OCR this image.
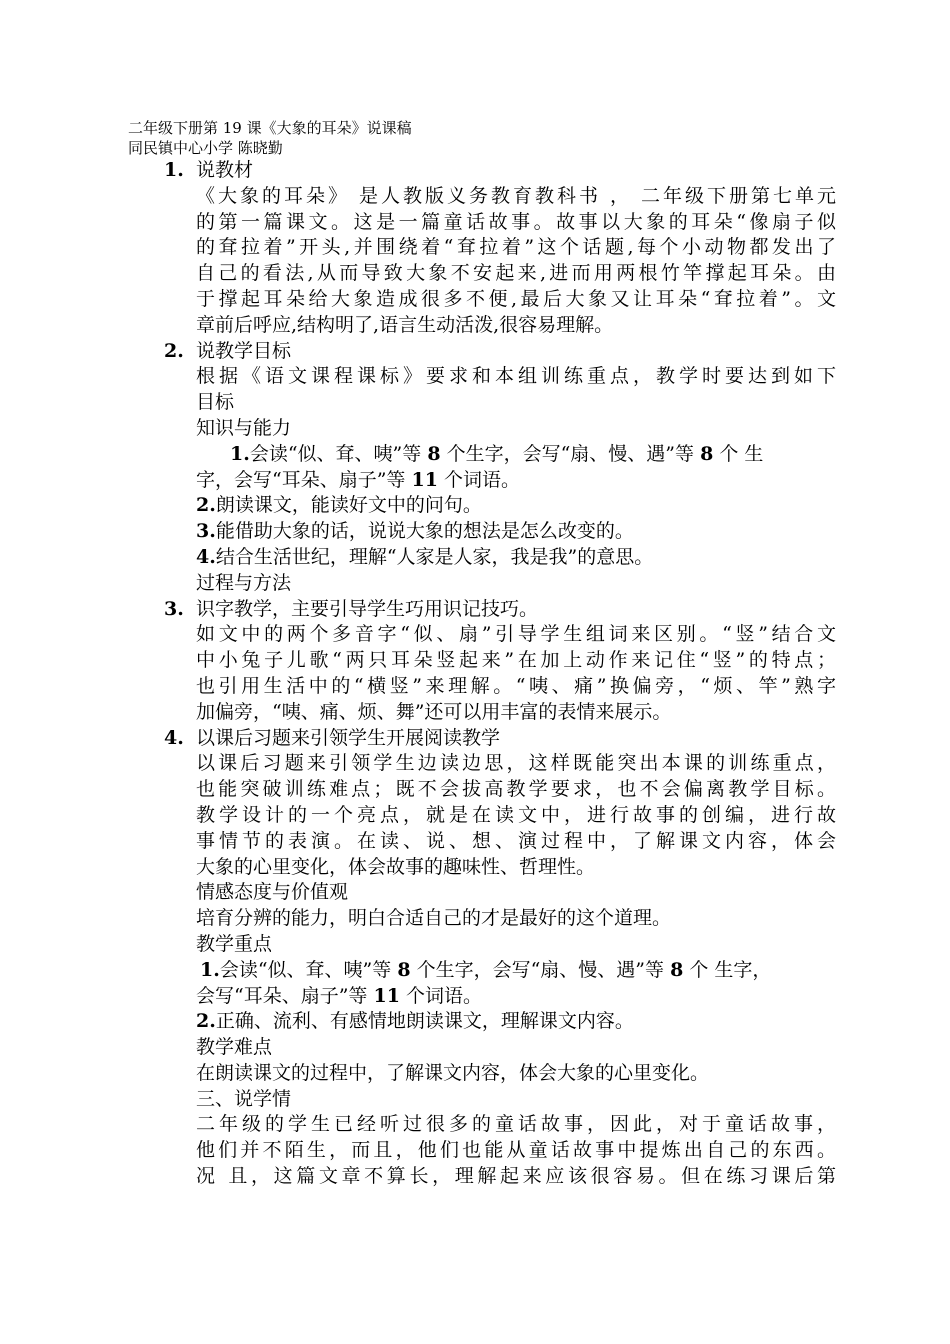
二年级下册第 19 课《大象的耳朵》说课稿
同民镇中心小学 陈晓勤
1. 说教材
《大象的耳朵》 是人教版义务教育教科书 ， 二年级下册第七单元
的第一篇课文。这是一篇童话故事。故事以大象的耳朵“像扇子似
的耷拉着”开头,并围绕着“耷拉着”这个话题,每个小动物都发出了
自己的看法,从而导致大象不安起来,进而用两根竹竿撑起耳朵。由
于撑起耳朵给大象造成很多不便,最后大象又让耳朵“耷拉着”。文
章前后呼应,结构明了,语言生动活泼,很容易理解。
2. 说教学目标
根据《语文课程课标》要求和本组训练重点，教学时要达到如下
目标
知识与能力
1.会读“似、耷、咦”等 8 个生字，会写“扇、慢、遇”等 8 个 生
字，会写“耳朵、扇子”等 11 个词语。
2.朗读课文，能读好文中的问句。
3.能借助大象的话，说说大象的想法是怎么改变的。
4.结合生活世纪，理解“人家是人家，我是我”的意思。
过程与方法
3. 识字教学，主要引导学生巧用识记技巧。
如文中的两个多音字“似、扇”引导学生组词来区别。“竖”结合文
中小兔子儿歌“两只耳朵竖起来”在加上动作来记住“竖”的特点；
也引用生活中的“横竖”来理解。“咦、痛”换偏旁，“烦、竿”熟字
加偏旁，“咦、痛、烦、舞”还可以用丰富的表情来展示。
4. 以课后习题来引领学生开展阅读教学
以课后习题来引领学生边读边思，这样既能突出本课的训练重点，
也能突破训练难点；既不会拔高教学要求，也不会偏离教学目标。
教学设计的一个亮点，就是在读文中，进行故事的创编，进行故
事情节的表演。在读、说、想、演过程中，了解课文内容，体会
大象的心里变化，体会故事的趣味性、哲理性。
情感态度与价值观
培育分辨的能力，明白合适自己的才是最好的这个道理。
教学重点
1.会读“似、耷、咦”等 8 个生字，会写“扇、慢、遇”等 8 个 生字，
会写“耳朵、扇子”等 11 个词语。
2.正确、流利、有感情地朗读课文，理解课文内容。
教学难点
在朗读课文的过程中，了解课文内容，体会大象的心里变化。
三、说学情
二年级的学生已经听过很多的童话故事，因此，对于童话故事，
他们并不陌生，而且，他们也能从童话故事中提炼出自己的东西。
况 且，这篇文章不算长，理解起来应该很容易。但在练习课后第
